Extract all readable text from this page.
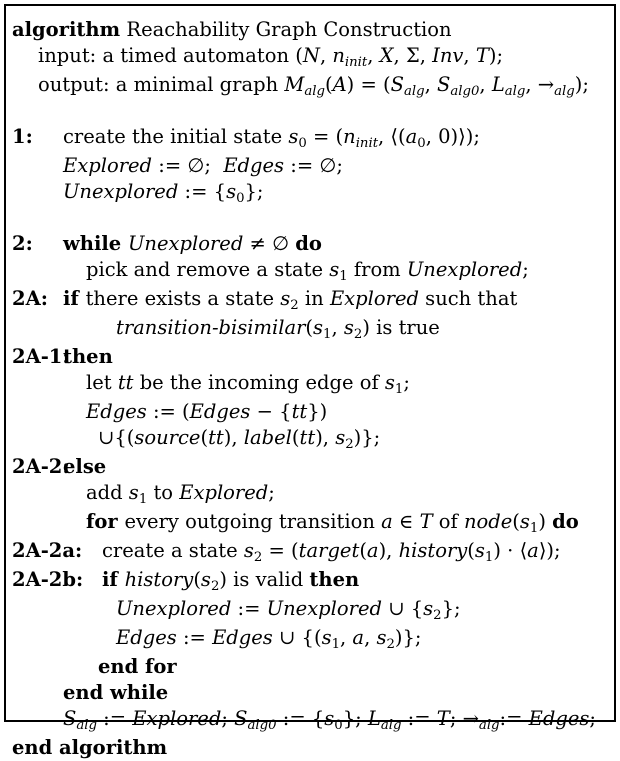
algorithm Reachability Graph Construction
input: a timed automaton (N, ninit, X, Σ, Inv, T);
output: a minimal graph Malg(A) = (Salg, Salg0, Lalg, →alg);
1:	create the initial state s0 = (ninit, ⟨(a0, 0)⟩);
Explored := ∅;  Edges := ∅;
Unexplored := {s0};
2:	while Unexplored ≠ ∅ do
pick and remove a state s1 from Unexplored;
2A: if there exists a state s2 in Explored such that
transition-bisimilar(s1, s2) is true
2A-1:
then
let tt be the incoming edge of s1;
Edges := (Edges − {tt})
∪{(source(tt), label(tt), s2)};
2A-2:
else
add s1 to Explored;
for every outgoing transition a ∈ T of node(s1) do
2A-2a:	create a state s2 = (target(a), history(s1) · ⟨a⟩);
2A-2b: if history(s2) is valid then
Unexplored := Unexplored ∪ {s2};
Edges := Edges ∪ {(s1, a, s2)};
end for
end while
Salg := Explored; Salg0 := {s0}; Lalg := T; →alg:= Edges;
end algorithm
